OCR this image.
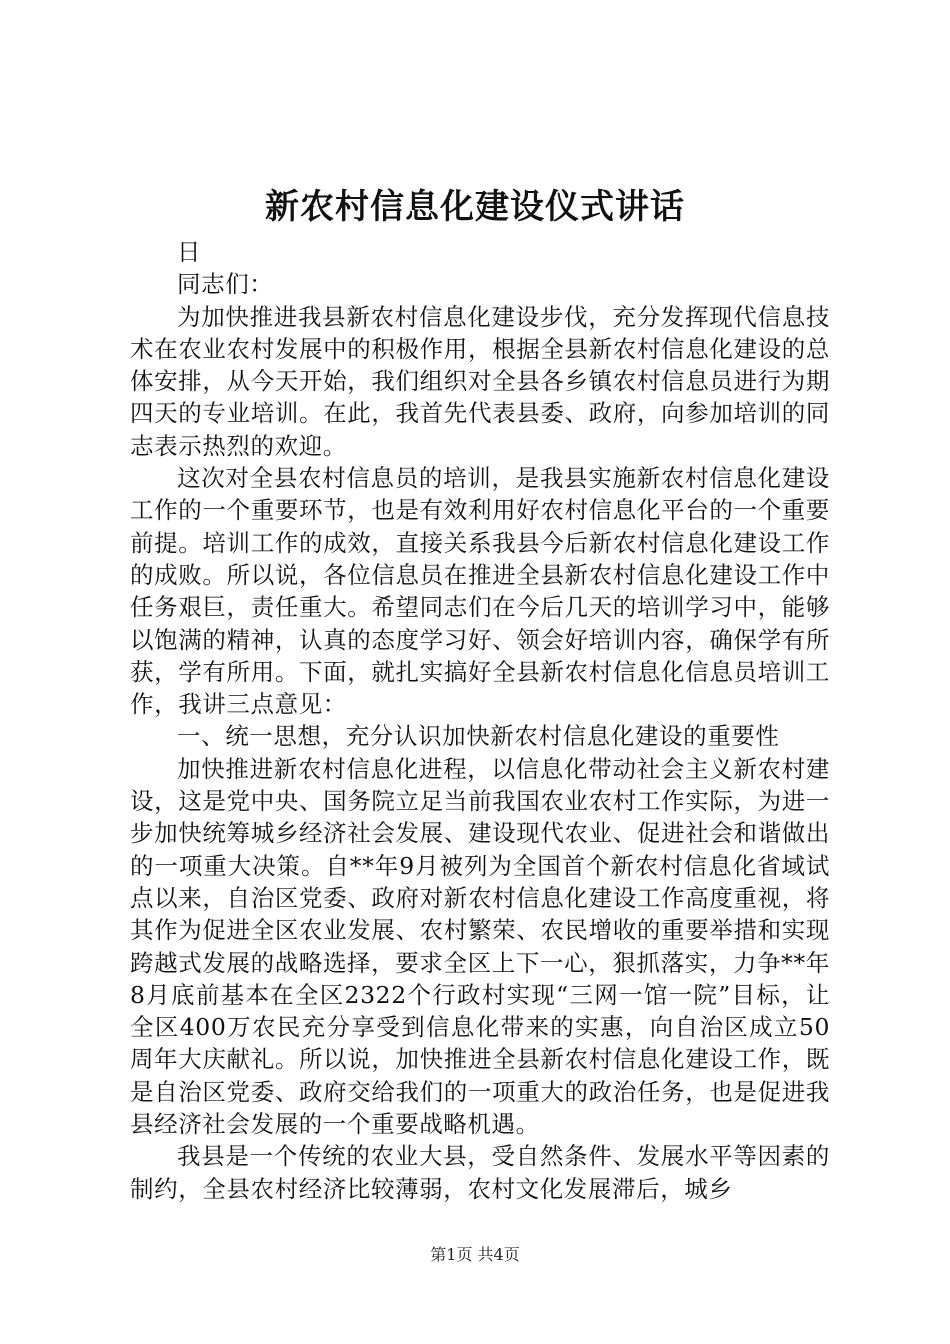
新农村信息化建设仪式讲话

日

同志们：

为加快推进我县新农村信息化建设步伐，充分发挥现代信息技术在农业农村发展中的积极作用，根据全县新农村信息化建设的总体安排，从今天开始，我们组织对全县各乡镇农村信息员进行为期四天的专业培训。在此，我首先代表县委、政府，向参加培训的同志表示热烈的欢迎。

这次对全县农村信息员的培训，是我县实施新农村信息化建设工作的一个重要环节，也是有效利用好农村信息化平台的一个重要前提。培训工作的成效，直接关系我县今后新农村信息化建设工作的成败。所以说，各位信息员在推进全县新农村信息化建设工作中任务艰巨，责任重大。希望同志们在今后几天的培训学习中，能够以饱满的精神，认真的态度学习好、领会好培训内容，确保学有所获，学有所用。下面，就扎实搞好全县新农村信息化信息员培训工作，我讲三点意见：

一、统一思想，充分认识加快新农村信息化建设的重要性

加快推进新农村信息化进程，以信息化带动社会主义新农村建设，这是党中央、国务院立足当前我国农业农村工作实际，为进一步加快统筹城乡经济社会发展、建设现代农业、促进社会和谐做出的一项重大决策。自**年9月被列为全国首个新农村信息化省域试点以来，自治区党委、政府对新农村信息化建设工作高度重视，将其作为促进全区农业发展、农村繁荣、农民增收的重要举措和实现跨越式发展的战略选择，要求全区上下一心，狠抓落实，力争**年8月底前基本在全区2322个行政村实现“三网一馆一院”目标，让全区400万农民充分享受到信息化带来的实惠，向自治区成立50周年大庆献礼。所以说，加快推进全县新农村信息化建设工作，既是自治区党委、政府交给我们的一项重大的政治任务，也是促进我县经济社会发展的一个重要战略机遇。

我县是一个传统的农业大县，受自然条件、发展水平等因素的制约，全县农村经济比较薄弱，农村文化发展滞后，城乡

第1页 共4页
